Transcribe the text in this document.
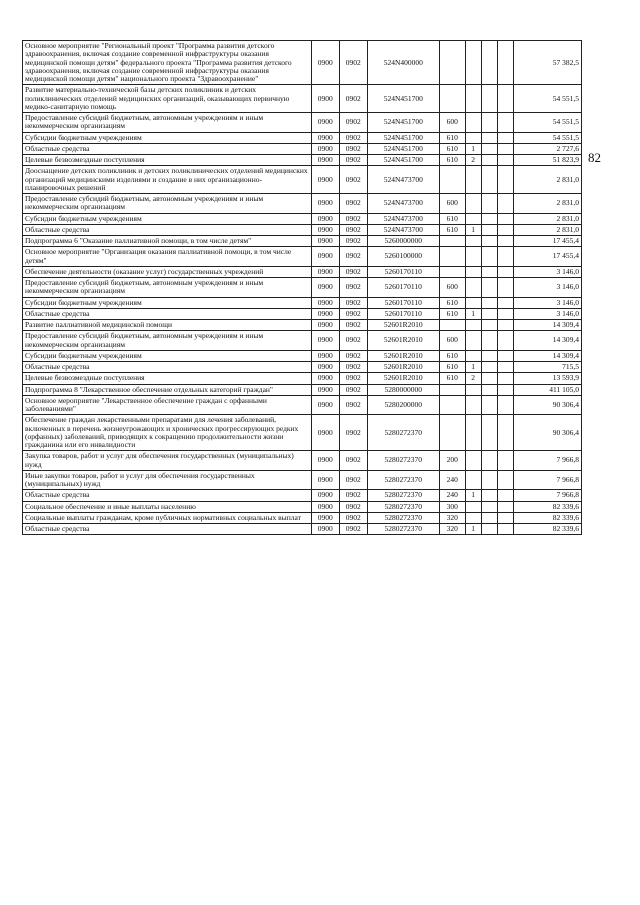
82
Основное мероприятие "Региональный проект "Программа развития детского здравоохранения, включая создание современной инфраструктуры оказания медицинской помощи детям" федерального проекта "Программа развития детского здравоохранения, включая создание современной инфраструктуры оказания медицинской помощи детям" национального проекта "Здравоохранение"	0900	0902	524N400000					57 382,5
Развитие материально-технической базы детских поликлиник и детских поликлинических отделений медицинских организаций, оказывающих первичную медико-санитарную помощь	0900	0902	524N451700					54 551,5
Предоставление субсидий бюджетным, автономным учреждениям и иным некоммерческим организациям	0900	0902	524N451700	600				54 551,5
Субсидии бюджетным учреждениям	0900	0902	524N451700	610				54 551,5
Областные средства	0900	0902	524N451700	610	1			2 727,6
Целевые безвозмездные поступления	0900	0902	524N451700	610	2			51 823,9
Дооснащение детских поликлиник и детских поликлинических отделений медицинских организаций медицинскими изделиями и создание в них организационно-планировочных решений	0900	0902	524N473700					2 831,0
Предоставление субсидий бюджетным, автономным учреждениям и иным некоммерческим организациям	0900	0902	524N473700	600				2 831,0
Субсидии бюджетным учреждениям	0900	0902	524N473700	610				2 831,0
Областные средства	0900	0902	524N473700	610	1			2 831,0
Подпрограмма 6 "Оказание паллиативной помощи, в том числе детям"	0900	0902	5260000000					17 455,4
Основное мероприятие "Организация оказания паллиативной помощи, в том числе детям"	0900	0902	5260100000					17 455,4
Обеспечение деятельности (оказание услуг) государственных учреждений	0900	0902	5260170110					3 146,0
Предоставление субсидий бюджетным, автономным учреждениям и иным некоммерческим организациям	0900	0902	5260170110	600				3 146,0
Субсидии бюджетным учреждениям	0900	0902	5260170110	610				3 146,0
Областные средства	0900	0902	5260170110	610	1			3 146,0
Развитие паллиативной медицинской помощи	0900	0902	52601R2010					14 309,4
Предоставление субсидий бюджетным, автономным учреждениям и иным некоммерческим организациям	0900	0902	52601R2010	600				14 309,4
Субсидии бюджетным учреждениям	0900	0902	52601R2010	610				14 309,4
Областные средства	0900	0902	52601R2010	610	1			715,5
Целевые безвозмездные поступления	0900	0902	52601R2010	610	2			13 593,9
Подпрограмма 8 "Лекарственное обеспечение отдельных категорий граждан"	0900	0902	5280000000					411 105,0
Основное мероприятие "Лекарственное обеспечение граждан с орфанными заболеваниями"	0900	0902	5280200000					90 306,4
Обеспечение граждан лекарственными препаратами для лечения заболеваний, включенных в перечень жизнеугрожающих и хронических прогрессирующих редких (орфанных) заболеваний, приводящих к сокращению продолжительности жизни гражданина или его инвалидности	0900	0902	5280272370					90 306,4
Закупка товаров, работ и услуг для обеспечения государственных (муниципальных) нужд	0900	0902	5280272370	200				7 966,8
Иные закупки товаров, работ и услуг для обеспечения государственных (муниципальных) нужд	0900	0902	5280272370	240				7 966,8
Областные средства	0900	0902	5280272370	240	1			7 966,8
Социальное обеспечение и иные выплаты населению	0900	0902	5280272370	300				82 339,6
Социальные выплаты гражданам, кроме публичных нормативных социальных выплат	0900	0902	5280272370	320				82 339,6
Областные средства	0900	0902	5280272370	320	1			82 339,6
